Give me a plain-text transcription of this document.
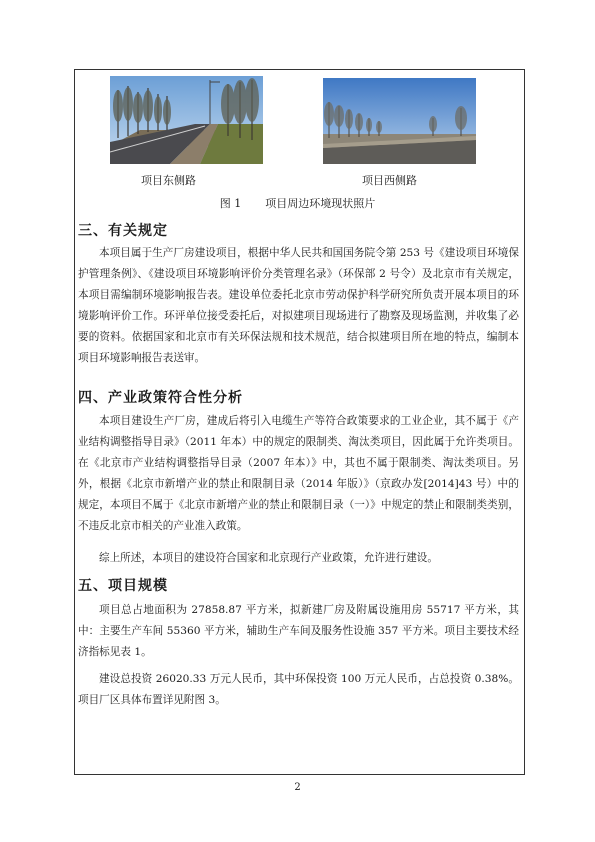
项目东侧路	项目西侧路
图 1 项目周边环境现状照片
三、有关规定

本项目属于生产厂房建设项目，根据中华人民共和国国务院令第 253 号《建设项目环境保护管理条例》、《建设项目环境影响评价分类管理名录》（环保部 2 号令）及北京市有关规定，本项目需编制环境影响报告表。建设单位委托北京市劳动保护科学研究所负责开展本项目的环境影响评价工作。环评单位接受委托后，对拟建项目现场进行了勘察及现场监测，并收集了必要的资料。依据国家和北京市有关环保法规和技术规范，结合拟建项目所在地的特点，编制本项目环境影响报告表送审。

四、产业政策符合性分析

本项目建设生产厂房，建成后将引入电缆生产等符合政策要求的工业企业，其不属于《产业结构调整指导目录》（2011 年本）中的规定的限制类、淘汰类项目，因此属于允许类项目。在《北京市产业结构调整指导目录（2007 年本）》中，其也不属于限制类、淘汰类项目。另外，根据《北京市新增产业的禁止和限制目录（2014 年版）》（京政办发[2014]43 号）中的规定，本项目不属于《北京市新增产业的禁止和限制目录（一）》中规定的禁止和限制类类别，不违反北京市相关的产业准入政策。

综上所述，本项目的建设符合国家和北京现行产业政策，允许进行建设。

五、项目规模

项目总占地面积为 27858.87 平方米，拟新建厂房及附属设施用房 55717 平方米，其中：主要生产车间 55360 平方米，辅助生产车间及服务性设施 357 平方米。项目主要技术经济指标见表 1。

建设总投资 26020.33 万元人民币，其中环保投资 100 万元人民币，占总投资 0.38%。项目厂区具体布置详见附图 3。

2
